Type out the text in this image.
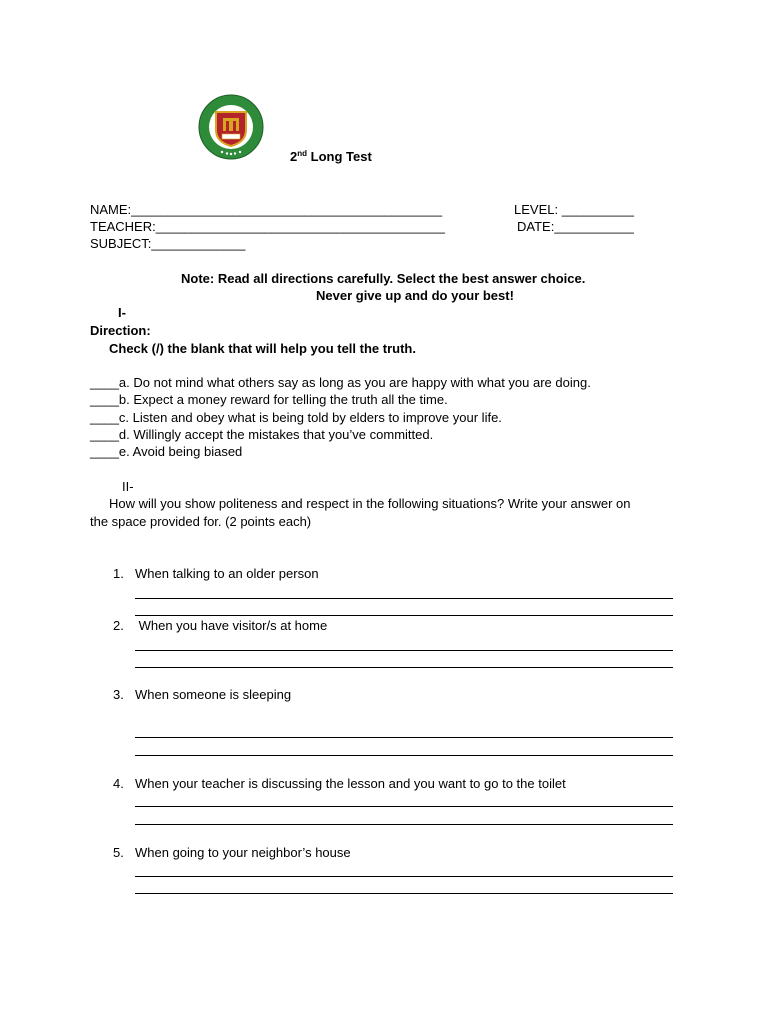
2nd Long Test
NAME:___________________________________________	LEVEL: __________
TEACHER:________________________________________	DATE:___________
SUBJECT:_____________
Note: Read all directions carefully. Select the best answer choice.
Never give up and do your best!
I-
Direction:
Check (/) the blank that will help you tell the truth.
____a. Do not mind what others say as long as you are happy with what you are doing.
____b. Expect a money reward for telling the truth all the time.
____c. Listen and obey what is being told by elders to improve your life.
____d. Willingly accept the mistakes that you’ve committed.
____e. Avoid being biased
II-
How will you show politeness and respect in the following situations? Write your answer on
the space provided for. (2 points each)
1. When talking to an older person
2. When you have visitor/s at home
3. When someone is sleeping
4. When your teacher is discussing the lesson and you want to go to the toilet
5. When going to your neighbor’s house
